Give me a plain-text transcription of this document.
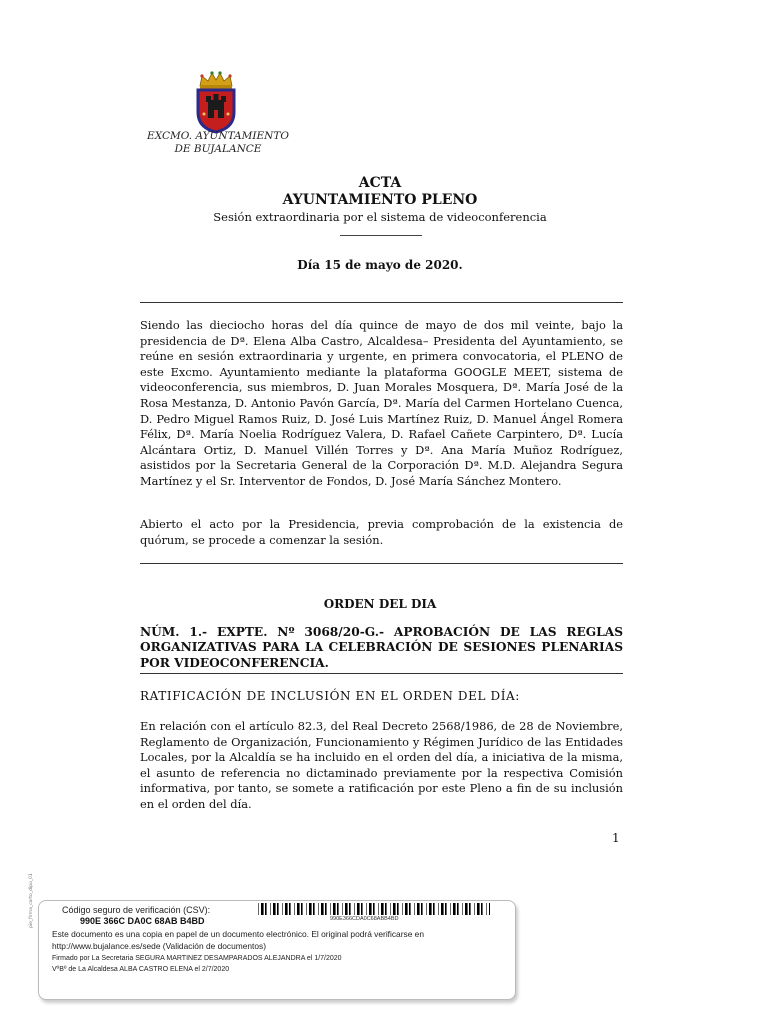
EXCMO. AYUNTAMIENTO
DE BUJALANCE
ACTA
AYUNTAMIENTO PLENO
Sesión extraordinaria por el sistema de videoconferencia
Día 15 de mayo de 2020.
Siendo las dieciocho horas del día quince de mayo de dos mil veinte, bajo la presidencia de Dª. Elena Alba Castro, Alcaldesa– Presidenta del Ayuntamiento, se reúne en sesión extraordinaria y urgente, en primera convocatoria, el PLENO de este Excmo. Ayuntamiento mediante la plataforma GOOGLE MEET, sistema de videoconferencia, sus miembros, D. Juan Morales Mosquera, Dª. María José de la Rosa Mestanza, D. Antonio Pavón García, Dª. María del Carmen Hortelano Cuenca, D. Pedro Miguel Ramos Ruiz, D. José Luis Martínez Ruiz, D. Manuel Ángel Romera Félix, Dª. María Noelia Rodríguez Valera, D. Rafael Cañete Carpintero, Dª. Lucía Alcántara Ortiz, D. Manuel Villén Torres y Dª. Ana María Muñoz Rodríguez, asistidos por la Secretaria General de la Corporación Dª. M.D. Alejandra Segura Martínez y el Sr. Interventor de Fondos, D. José María Sánchez Montero.
Abierto el acto por la Presidencia, previa comprobación de la existencia de quórum, se procede a comenzar la sesión.
ORDEN DEL DIA
NÚM. 1.- EXPTE. Nº 3068/20-G.- APROBACIÓN DE LAS REGLAS ORGANIZATIVAS PARA LA CELEBRACIÓN DE SESIONES PLENARIAS POR VIDEOCONFERENCIA.
RATIFICACIÓN DE INCLUSIÓN EN EL ORDEN DEL DÍA:
En relación con el artículo 82.3, del Real Decreto 2568/1986, de 28 de Noviembre, Reglamento de Organización, Funcionamiento y Régimen Jurídico de las Entidades Locales, por la Alcaldía se ha incluido en el orden del día, a iniciativa de la misma, el asunto de referencia no dictaminado previamente por la respectiva Comisión informativa, por tanto, se somete a ratificación por este Pleno a fin de su inclusión en el orden del día.
1
pie_firma_corto_dipu_01	Código seguro de verificación (CSV):
990E 366C DA0C 68AB B4BD	990E366CDA0C68ABB4BD
Este documento es una copia en papel de un documento electrónico. El original podrá verificarse en
http://www.bujalance.es/sede (Validación de documentos)
Firmado por La Secretaria SEGURA MARTINEZ DESAMPARADOS ALEJANDRA el 1/7/2020
VºBº de La Alcaldesa ALBA CASTRO ELENA el 2/7/2020
